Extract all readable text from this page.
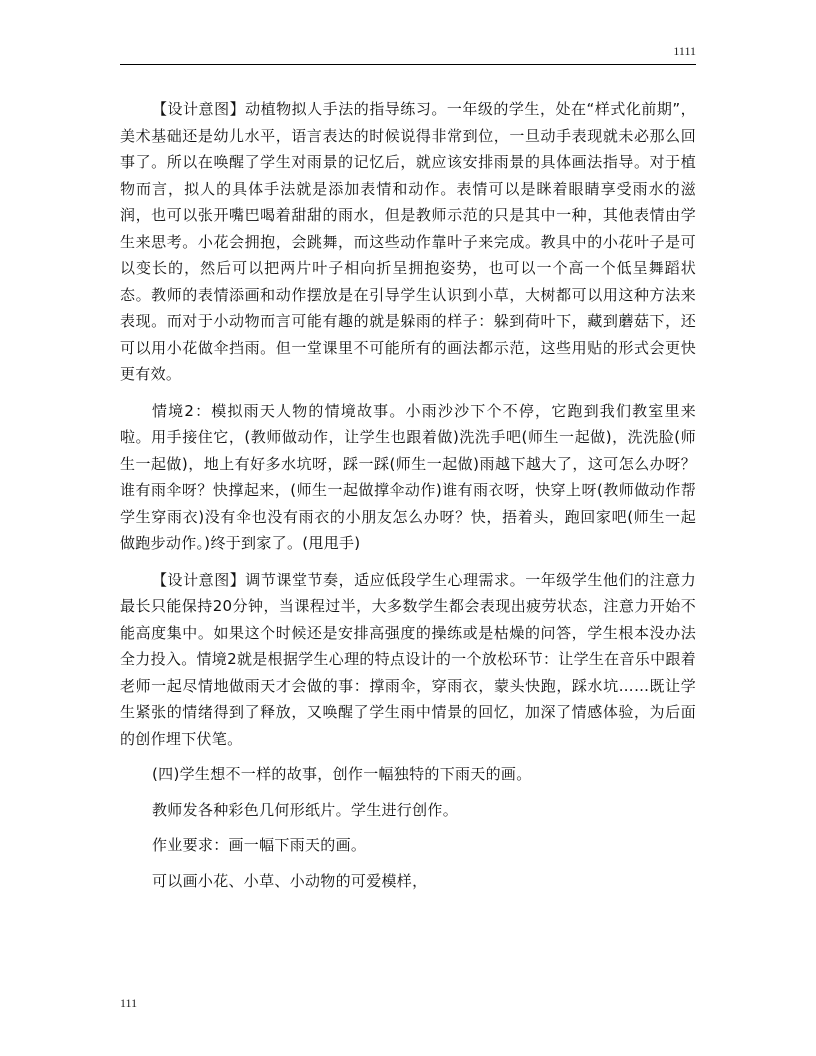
1111

【设计意图】动植物拟人手法的指导练习。一年级的学生，处在“样式化前期”，美术基础还是幼儿水平，语言表达的时候说得非常到位，一旦动手表现就未必那么回事了。所以在唤醒了学生对雨景的记忆后，就应该安排雨景的具体画法指导。对于植物而言，拟人的具体手法就是添加表情和动作。表情可以是眯着眼睛享受雨水的滋润，也可以张开嘴巴喝着甜甜的雨水，但是教师示范的只是其中一种，其他表情由学生来思考。小花会拥抱，会跳舞，而这些动作靠叶子来完成。教具中的小花叶子是可以变长的，然后可以把两片叶子相向折呈拥抱姿势，也可以一个高一个低呈舞蹈状态。教师的表情添画和动作摆放是在引导学生认识到小草，大树都可以用这种方法来表现。而对于小动物而言可能有趣的就是躲雨的样子：躲到荷叶下，藏到蘑菇下，还可以用小花做伞挡雨。但一堂课里不可能所有的画法都示范，这些用贴的形式会更快更有效。

情境2：模拟雨天人物的情境故事。小雨沙沙下个不停，它跑到我们教室里来啦。用手接住它，(教师做动作，让学生也跟着做)洗洗手吧(师生一起做)，洗洗脸(师生一起做)，地上有好多水坑呀，踩一踩(师生一起做)雨越下越大了，这可怎么办呀？谁有雨伞呀？快撑起来，(师生一起做撑伞动作)谁有雨衣呀，快穿上呀(教师做动作帮学生穿雨衣)没有伞也没有雨衣的小朋友怎么办呀？快，捂着头，跑回家吧(师生一起做跑步动作。)终于到家了。(甩甩手)

【设计意图】调节课堂节奏，适应低段学生心理需求。一年级学生他们的注意力最长只能保持20分钟，当课程过半，大多数学生都会表现出疲劳状态，注意力开始不能高度集中。如果这个时候还是安排高强度的操练或是枯燥的问答，学生根本没办法全力投入。情境2就是根据学生心理的特点设计的一个放松环节：让学生在音乐中跟着老师一起尽情地做雨天才会做的事：撑雨伞，穿雨衣，蒙头快跑，踩水坑……既让学生紧张的情绪得到了释放，又唤醒了学生雨中情景的回忆，加深了情感体验，为后面的创作埋下伏笔。

(四)学生想不一样的故事，创作一幅独特的下雨天的画。

教师发各种彩色几何形纸片。学生进行创作。

作业要求：画一幅下雨天的画。

可以画小花、小草、小动物的可爱模样，

111
